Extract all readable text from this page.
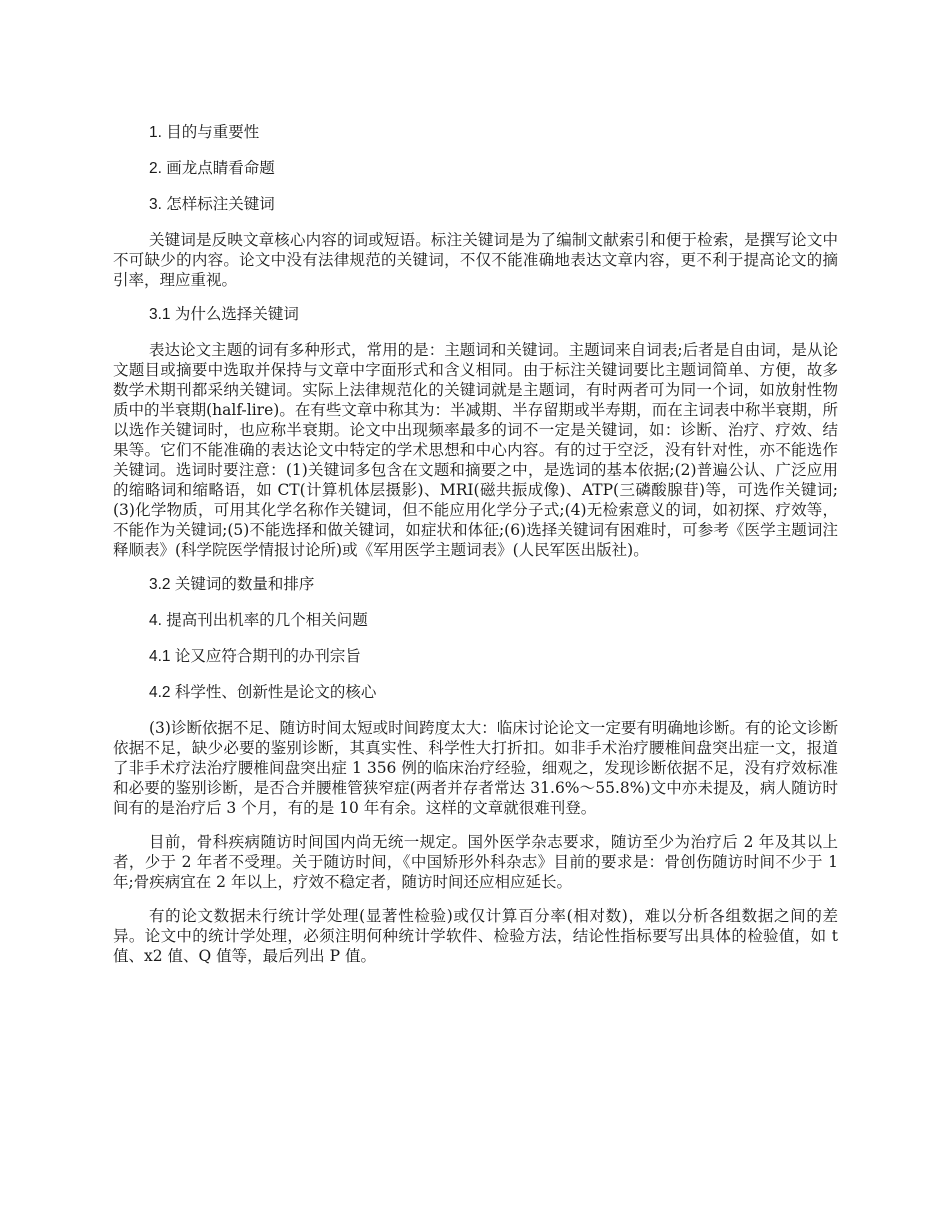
1. 目的与重要性
2. 画龙点睛看命题
3. 怎样标注关键词

关键词是反映文章核心内容的词或短语。标注关键词是为了编制文献索引和便于检索，是撰写论文中不可缺少的内容。论文中没有法律规范的关键词，不仅不能准确地表达文章内容，更不利于提高论文的摘引率，理应重视。

3.1 为什么选择关键词

表达论文主题的词有多种形式，常用的是：主题词和关键词。主题词来自词表;后者是自由词，是从论文题目或摘要中选取并保持与文章中字面形式和含义相同。由于标注关键词要比主题词简单、方便，故多数学术期刊都采纳关键词。实际上法律规范化的关键词就是主题词，有时两者可为同一个词，如放射性物质中的半衰期(half-lire)。在有些文章中称其为：半减期、半存留期或半寿期，而在主词表中称半衰期，所以选作关键词时，也应称半衰期。论文中出现频率最多的词不一定是关键词，如：诊断、治疗、疗效、结果等。它们不能准确的表达论文中特定的学术思想和中心内容。有的过于空泛，没有针对性，亦不能选作关键词。选词时要注意：(1)关键词多包含在文题和摘要之中，是选词的基本依据;(2)普遍公认、广泛应用的缩略词和缩略语，如 CT(计算机体层摄影)、MRI(磁共振成像)、ATP(三磷酸腺苷)等，可选作关键词;(3)化学物质，可用其化学名称作关键词，但不能应用化学分子式;(4)无检索意义的词，如初探、疗效等，不能作为关键词;(5)不能选择和做关键词，如症状和体征;(6)选择关键词有困难时，可参考《医学主题词注释顺表》(科学院医学情报讨论所)或《军用医学主题词表》(人民军医出版社)。

3.2 关键词的数量和排序
4. 提高刊出机率的几个相关问题
4.1 论又应符合期刊的办刊宗旨
4.2 科学性、创新性是论文的核心

(3)诊断依据不足、随访时间太短或时间跨度太大：临床讨论论文一定要有明确地诊断。有的论文诊断依据不足，缺少必要的鉴别诊断，其真实性、科学性大打折扣。如非手术治疗腰椎间盘突出症一文，报道了非手术疗法治疗腰椎间盘突出症 1 356 例的临床治疗经验，细观之，发现诊断依据不足，没有疗效标准和必要的鉴别诊断，是否合并腰椎管狭窄症(两者并存者常达 31.6%～55.8%)文中亦未提及，病人随访时间有的是治疗后 3 个月，有的是 10 年有余。这样的文章就很难刊登。

目前，骨科疾病随访时间国内尚无统一规定。国外医学杂志要求，随访至少为治疗后 2 年及其以上者，少于 2 年者不受理。关于随访时间，《中国矫形外科杂志》目前的要求是：骨创伤随访时间不少于 1 年;骨疾病宜在 2 年以上，疗效不稳定者，随访时间还应相应延长。

有的论文数据未行统计学处理(显著性检验)或仅计算百分率(相对数)，难以分析各组数据之间的差异。论文中的统计学处理，必须注明何种统计学软件、检验方法，结论性指标要写出具体的检验值，如 t 值、x2 值、Q 值等，最后列出 P 值。
